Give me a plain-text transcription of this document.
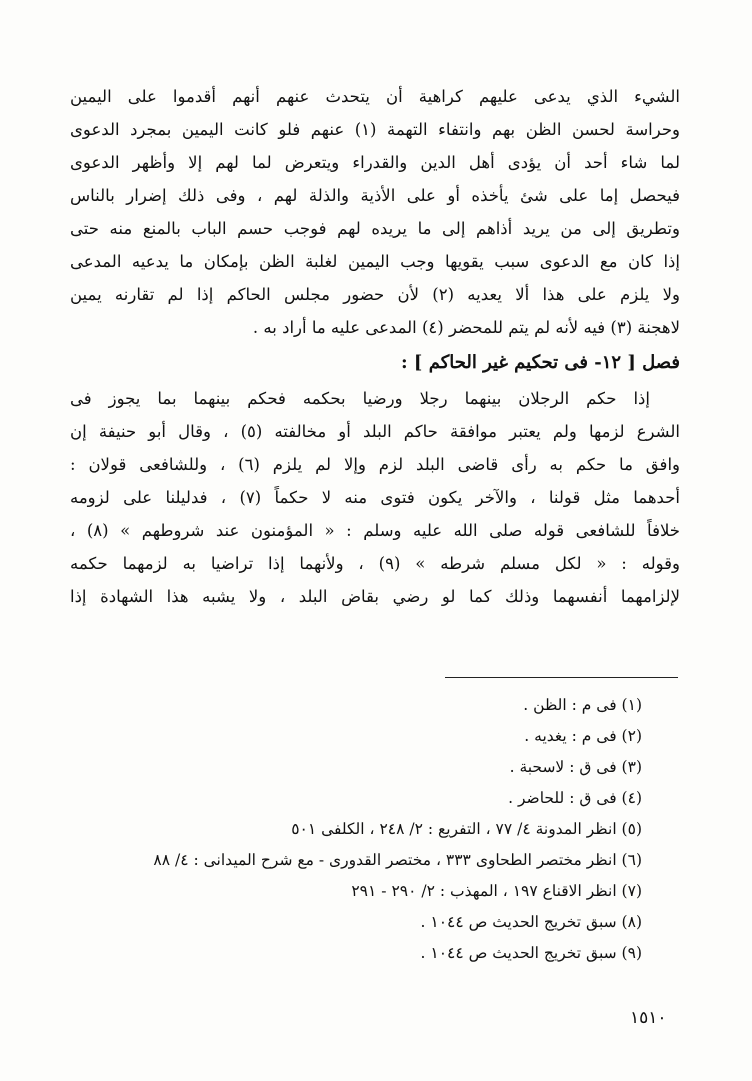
الشيء الذي يدعى عليهم كراهية أن يتحدث عنهم أنهم أقدموا على اليمين
وحراسة لحسن الظن بهم وانتفاء التهمة (١) عنهم فلو كانت اليمين بمجرد الدعوى
لما شاء أحد أن يؤدى أهل الدين والقدراء ويتعرض لما لهم إلا وأظهر الدعوى
فيحصل إما على شئ يأخذه أو على الأذية والذلة لهم ، وفى ذلك إضرار بالناس
وتطريق إلى من يريد أذاهم إلى ما يريده لهم فوجب حسم الباب بالمنع منه حتى
إذا كان مع الدعوى سبب يقويها وجب اليمين لغلبة الظن بإمكان ما يدعيه المدعى
ولا يلزم على هذا ألا يعديه (٢) لأن حضور مجلس الحاكم إذا لم تقارنه يمين
لاهجنة (٣) فيه لأنه لم يتم للمحضر (٤) المدعى عليه ما أراد به .
فصل [ ١٢- فى تحكيم غير الحاكم ] :
إذا حكم الرجلان بينهما رجلا ورضيا بحكمه فحكم بينهما بما يجوز فى
الشرع لزمها ولم يعتبر موافقة حاكم البلد أو مخالفته (٥) ، وقال أبو حنيفة إن
وافق ما حكم به رأى قاضى البلد لزم وإلا لم يلزم (٦) ، وللشافعى قولان :
أحدهما مثل قولنا ، والآخر يكون فتوى منه لا حكماً (٧) ، فدليلنا على لزومه
خلافاً للشافعى قوله صلى الله عليه وسلم : « المؤمنون عند شروطهم » (٨) ،
وقوله : « لكل مسلم شرطه » (٩) ، ولأنهما إذا تراضيا به لزمهما حكمه
لإلزامهما أنفسهما وذلك كما لو رضي بقاض البلد ، ولا يشبه هذا الشهادة إذا
(١) فى م : الظن .
(٢) فى م : يغديه .
(٣) فى ق : لاسحبة .
(٤) فى ق : للحاضر .
(٥) انظر المدونة ٤/ ٧٧ ، التفريع : ٢/ ٢٤٨ ، الكلفى ٥٠١
(٦) انظر مختصر الطحاوى ٣٣٣ ، مختصر القدورى - مع شرح الميدانى : ٤/ ٨٨
(٧) انظر الاقناع ١٩٧ ، المهذب : ٢/ ٢٩٠ - ٢٩١
(٨) سبق تخريج الحديث ص ١٠٤٤ .
(٩) سبق تخريج الحديث ص ١٠٤٤ .
١٥١٠
